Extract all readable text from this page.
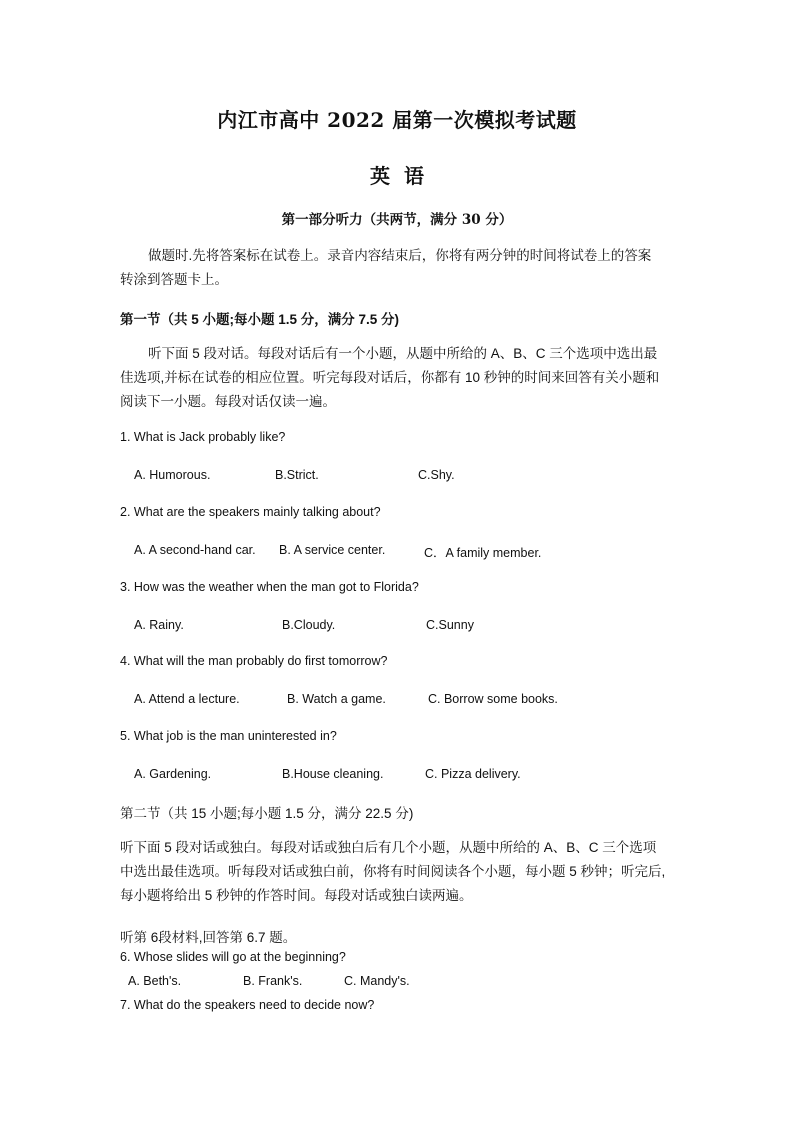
内江市高中 2022 届第一次模拟考试题
英语
第一部分听力（共两节，满分 30 分）
做题时.先将答案标在试卷上。录音内容结束后，你将有两分钟的时间将试卷上的答案
转涂到答题卡上。
第一节（共 5 小题;每小题 1.5 分，满分 7.5 分)
听下面 5 段对话。每段对话后有一个小题，从题中所给的 A、B、C 三个选项中选出最
佳选项,并标在试卷的相应位置。听完每段对话后，你都有 10 秒钟的时间来回答有关小题和
阅读下一小题。每段对话仅读一遍。
1. What is Jack probably like?
A. Humorous.	B.Strict.	C.Shy.
2. What are the speakers mainly talking about?
A. A second-hand car. B. A service center.	C．A family member.
3. How was the weather when the man got to Florida?
A. Rainy.	B.Cloudy.	C.Sunny
4. What will the man probably do first tomorrow?
A. Attend a lecture.	B. Watch a game.	C. Borrow some books.
5. What job is the man uninterested in?
A. Gardening.	B.House cleaning.	C. Pizza delivery.
第二节（共 15 小题;每小题 1.5 分，满分 22.5 分)
听下面 5 段对话或独白。每段对话或独白后有几个小题，从题中所给的 A、B、C 三个选项
中选出最佳选项。听每段对话或独白前，你将有时间阅读各个小题，每小题 5 秒钟；听完后,
每小题将给出 5 秒钟的作答时间。每段对话或独白读两遍。
听第 6段材料,回答第 6.7 题。
6. Whose slides will go at the beginning?
A. Beth's.	B. Frank's.	C. Mandy's.
7. What do the speakers need to decide now?
